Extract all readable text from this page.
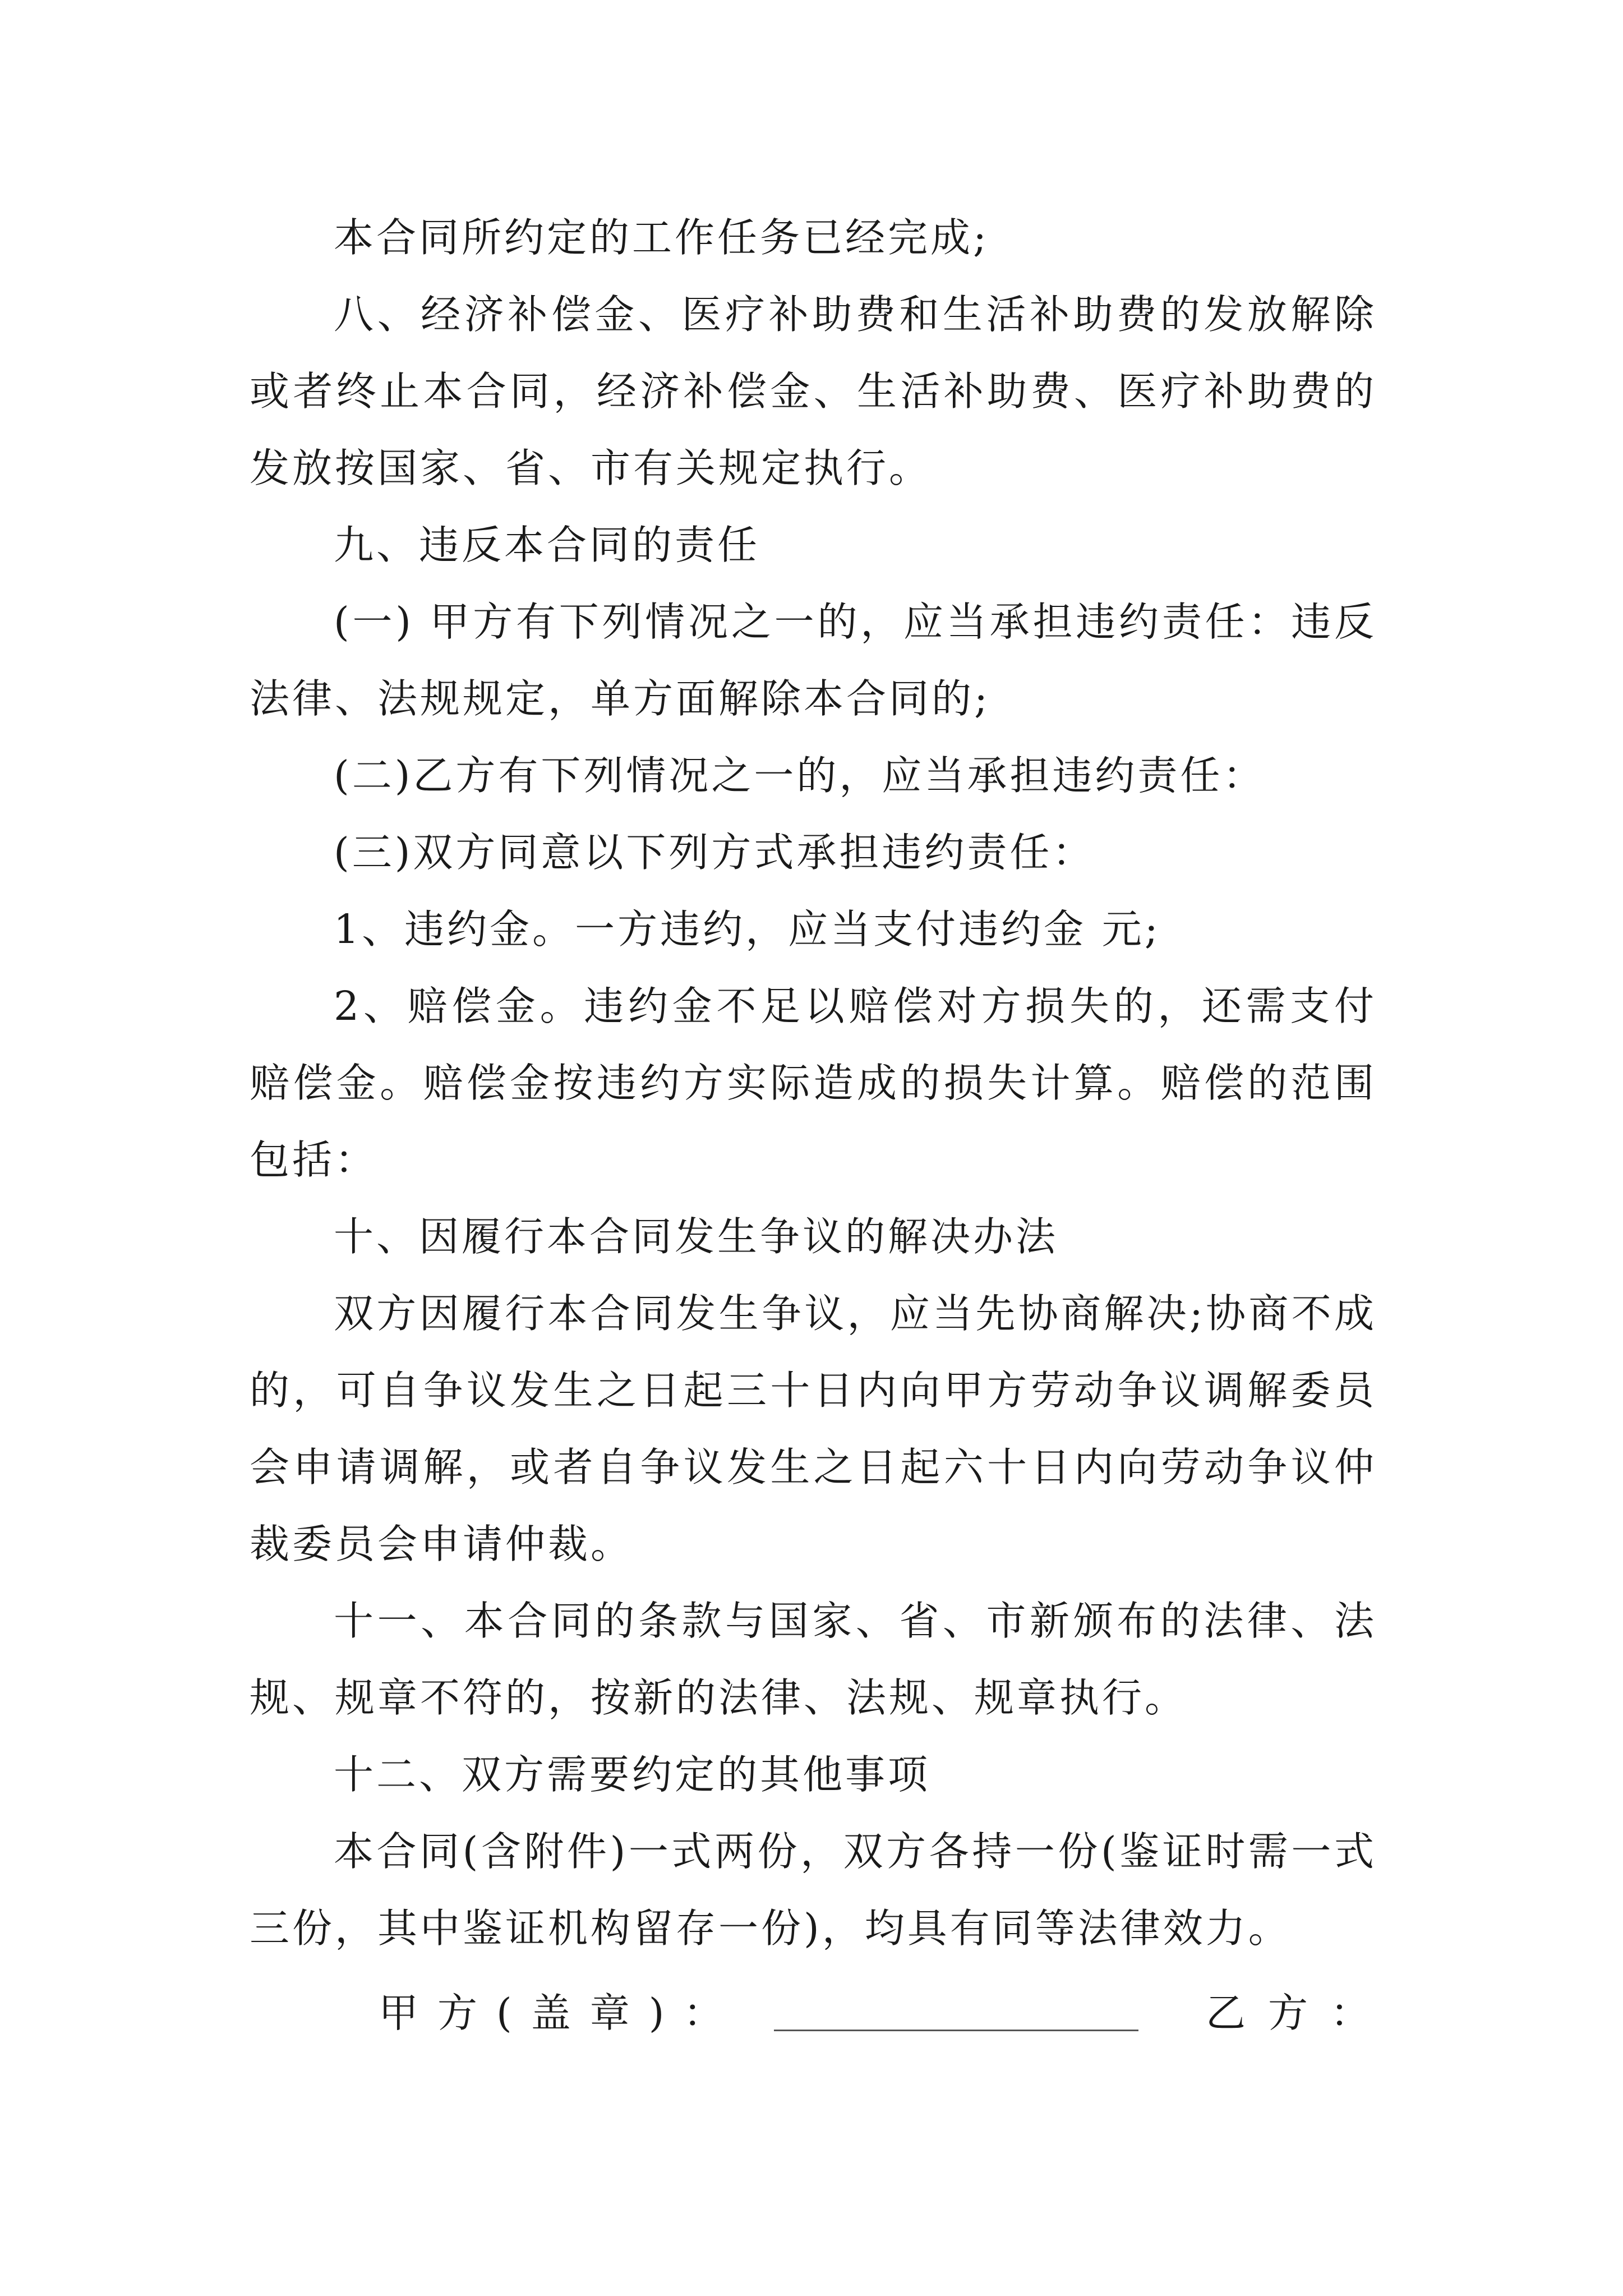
本合同所约定的工作任务已经完成;

八、经济补偿金、医疗补助费和生活补助费的发放解除或者终止本合同，经济补偿金、生活补助费、医疗补助费的发放按国家、省、市有关规定执行。

九、违反本合同的责任

(一) 甲方有下列情况之一的，应当承担违约责任：违反法律、法规规定，单方面解除本合同的;

(二)乙方有下列情况之一的，应当承担违约责任：

(三)双方同意以下列方式承担违约责任：

1、违约金。一方违约，应当支付违约金 元;

2、赔偿金。违约金不足以赔偿对方损失的，还需支付赔偿金。赔偿金按违约方实际造成的损失计算。赔偿的范围包括：

十、因履行本合同发生争议的解决办法

双方因履行本合同发生争议，应当先协商解决;协商不成的，可自争议发生之日起三十日内向甲方劳动争议调解委员会申请调解，或者自争议发生之日起六十日内向劳动争议仲裁委员会申请仲裁。

十一、本合同的条款与国家、省、市新颁布的法律、法规、规章不符的，按新的法律、法规、规章执行。

十二、双方需要约定的其他事项

本合同(含附件)一式两份，双方各持一份(鉴证时需一式三份，其中鉴证机构留存一份)，均具有同等法律效力。

甲方(盖章)：	乙方：
